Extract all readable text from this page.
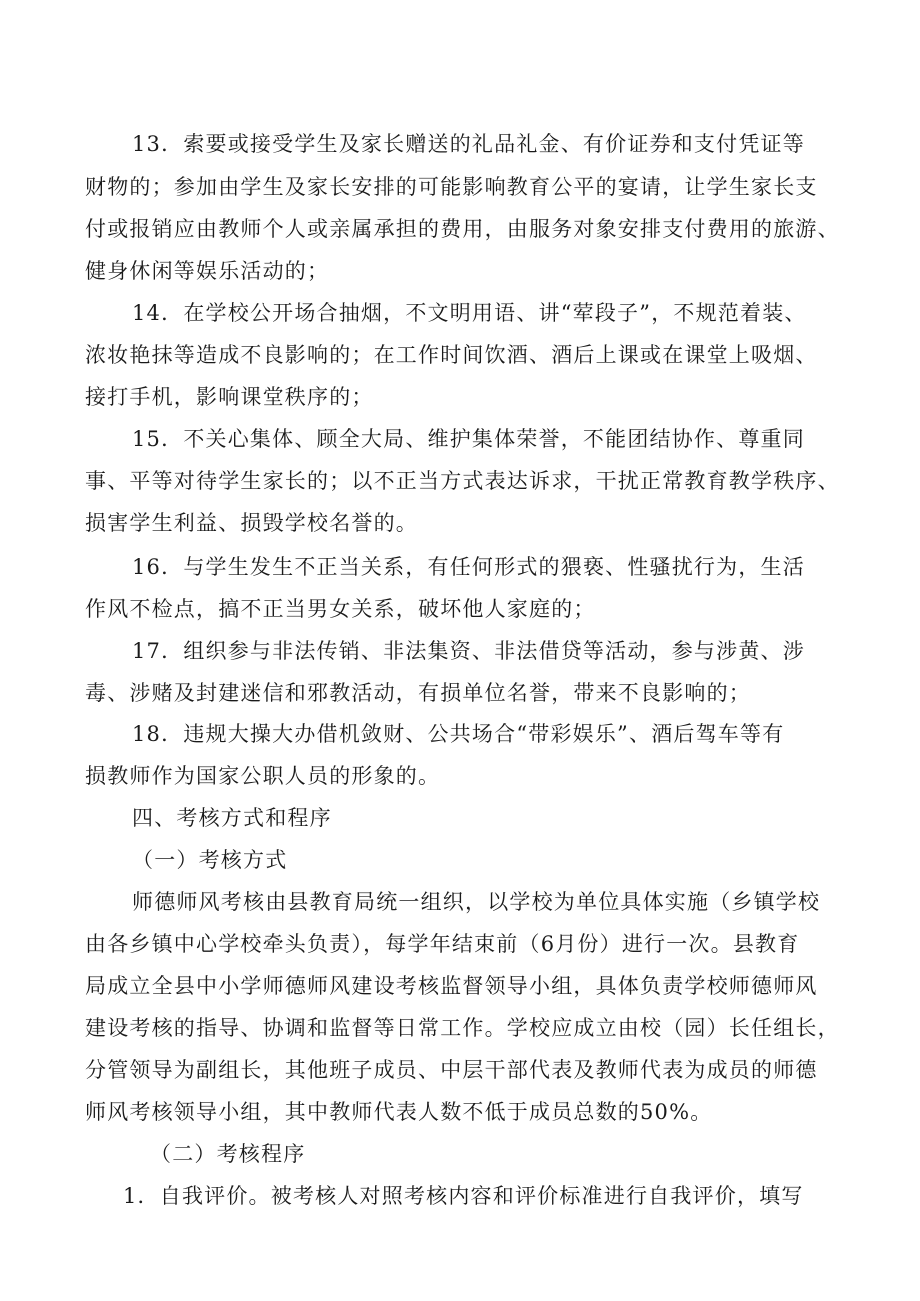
13．索要或接受学生及家长赠送的礼品礼金、有价证券和支付凭证等
财物的；参加由学生及家长安排的可能影响教育公平的宴请，让学生家长支
付或报销应由教师个人或亲属承担的费用，由服务对象安排支付费用的旅游、
健身休闲等娱乐活动的；
14．在学校公开场合抽烟，不文明用语、讲“荤段子”，不规范着装、
浓妆艳抹等造成不良影响的；在工作时间饮酒、酒后上课或在课堂上吸烟、
接打手机，影响课堂秩序的；
15．不关心集体、顾全大局、维护集体荣誉，不能团结协作、尊重同
事、平等对待学生家长的；以不正当方式表达诉求，干扰正常教育教学秩序、
损害学生利益、损毁学校名誉的。
16．与学生发生不正当关系，有任何形式的猥亵、性骚扰行为，生活
作风不检点，搞不正当男女关系，破坏他人家庭的；
17．组织参与非法传销、非法集资、非法借贷等活动，参与涉黄、涉
毒、涉赌及封建迷信和邪教活动，有损单位名誉，带来不良影响的；
18．违规大操大办借机敛财、公共场合“带彩娱乐”、酒后驾车等有
损教师作为国家公职人员的形象的。
四、考核方式和程序
（一）考核方式
师德师风考核由县教育局统一组织，以学校为单位具体实施（乡镇学校
由各乡镇中心学校牵头负责），每学年结束前（6月份）进行一次。县教育
局成立全县中小学师德师风建设考核监督领导小组，具体负责学校师德师风
建设考核的指导、协调和监督等日常工作。学校应成立由校（园）长任组长，
分管领导为副组长，其他班子成员、中层干部代表及教师代表为成员的师德
师风考核领导小组，其中教师代表人数不低于成员总数的50%。
（二）考核程序
1．自我评价。被考核人对照考核内容和评价标准进行自我评价，填写
